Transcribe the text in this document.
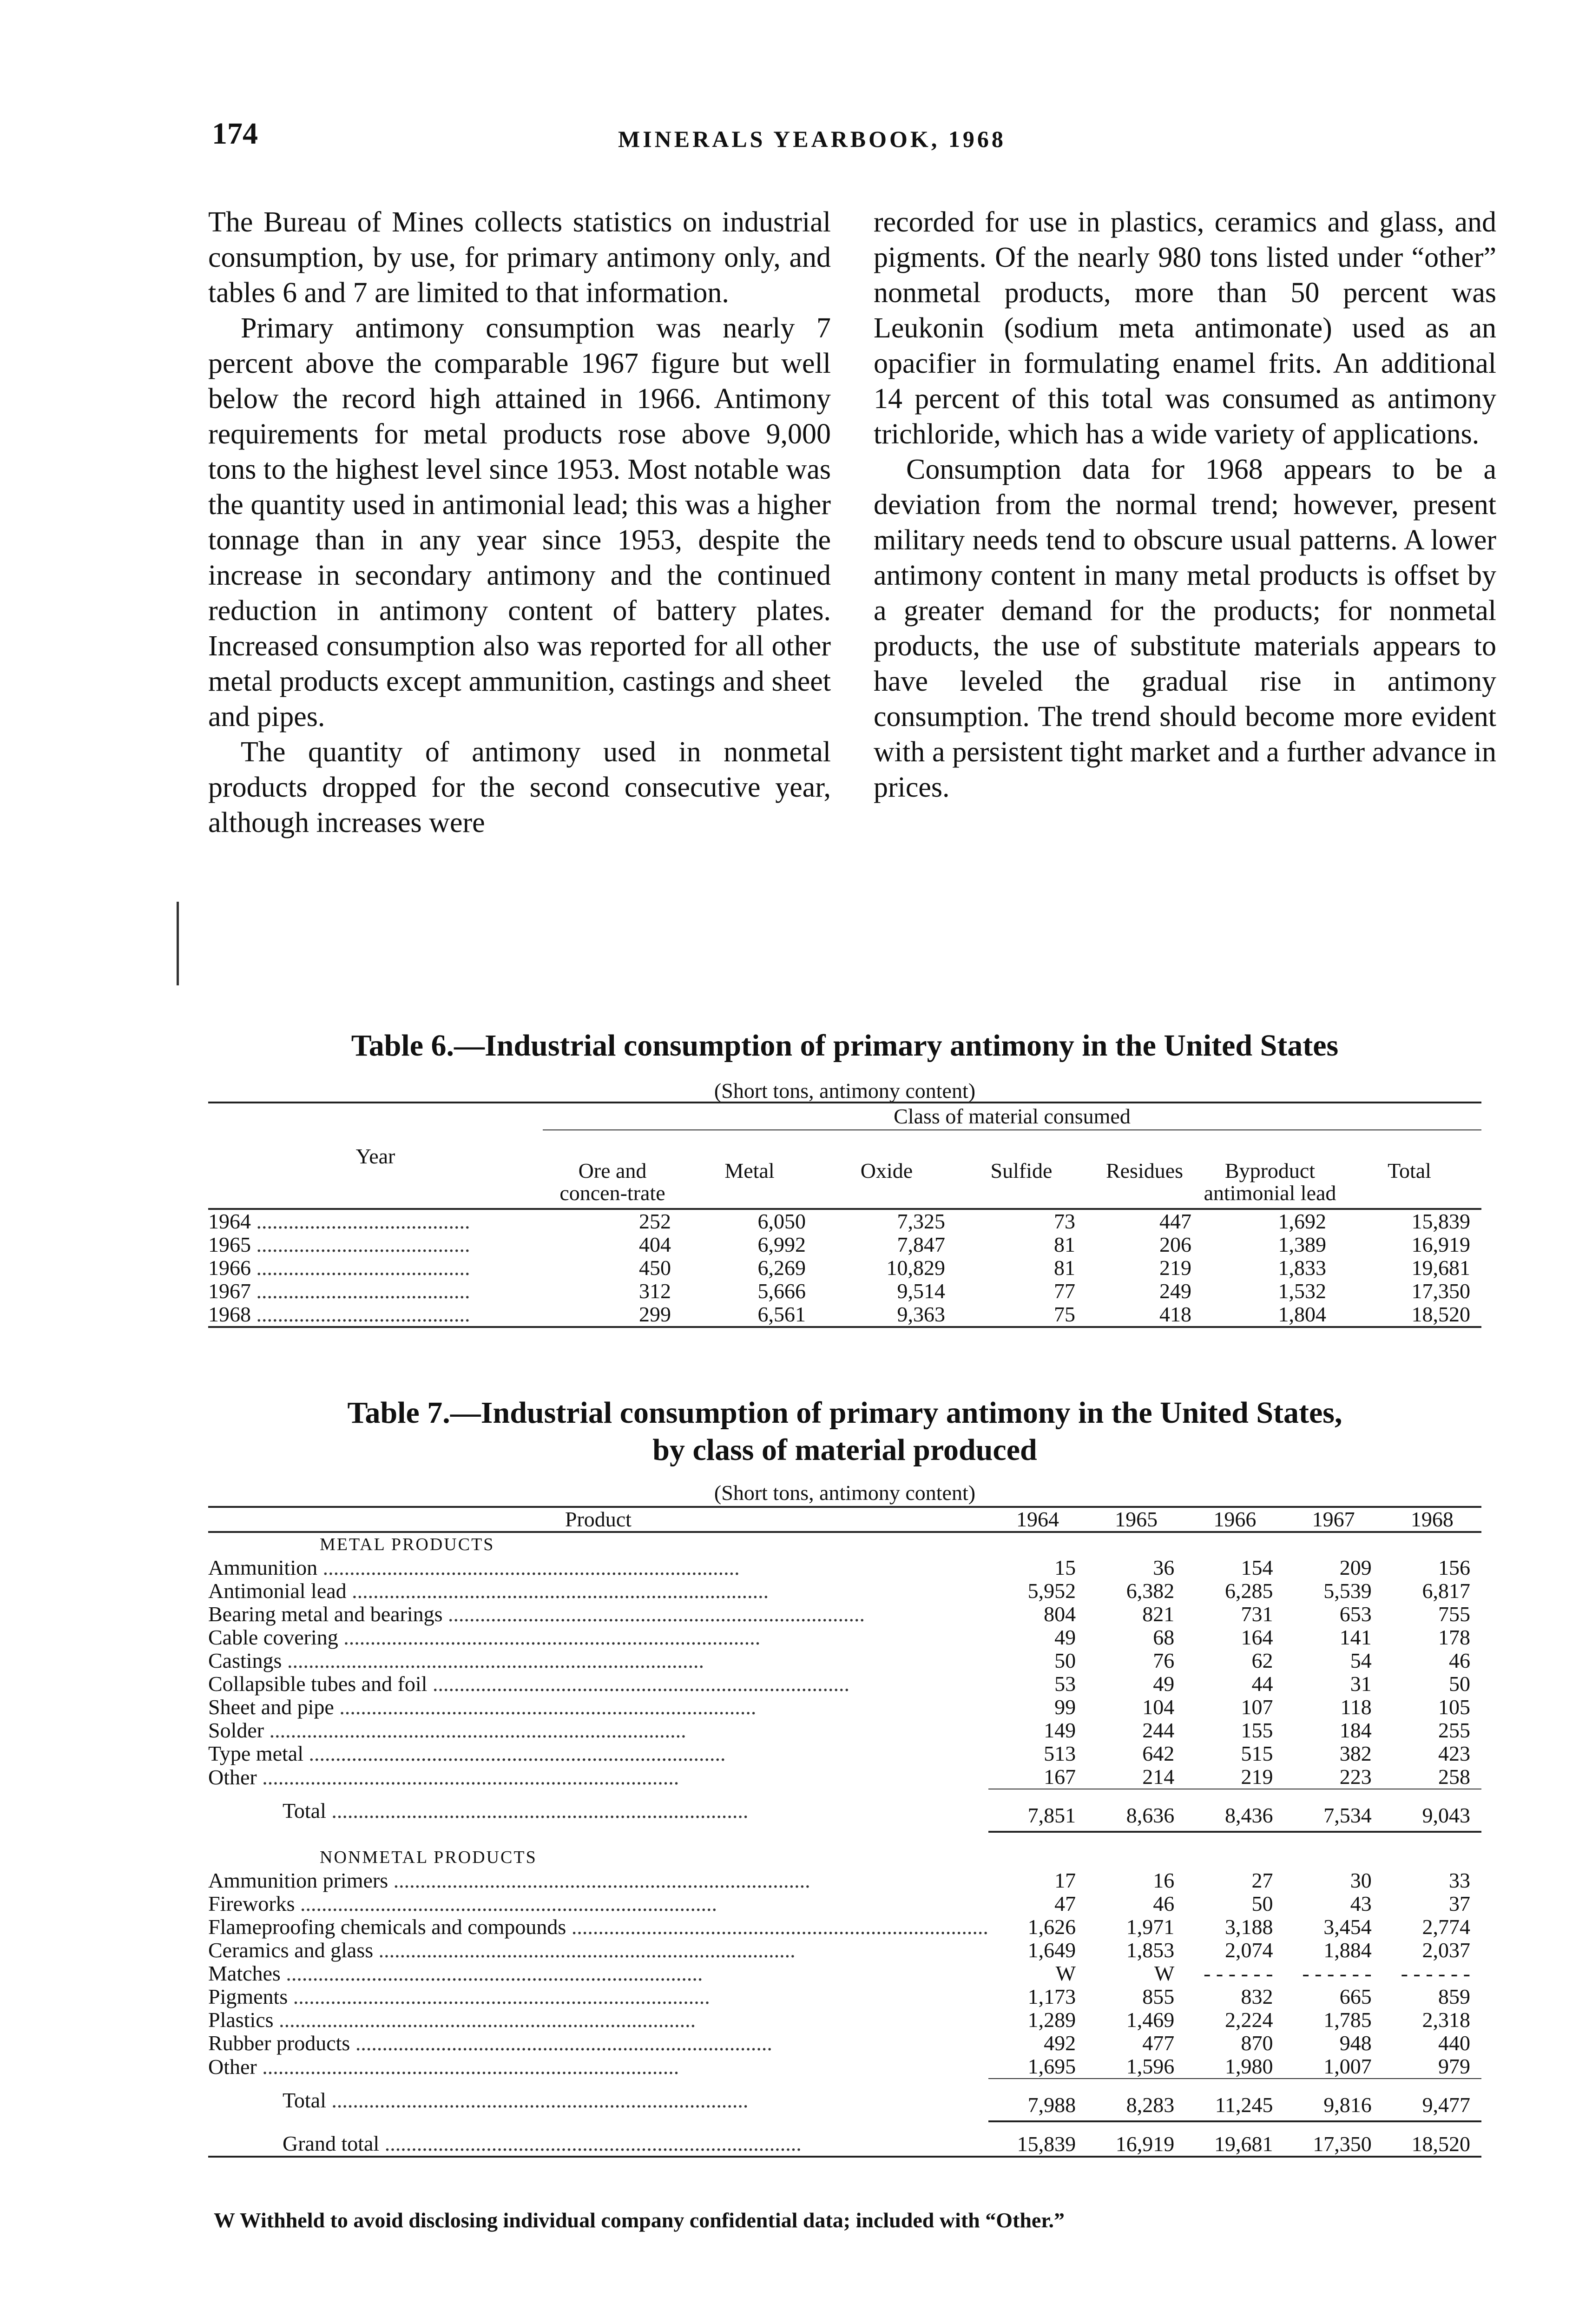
174	MINERALS YEARBOOK, 1968

The Bureau of Mines collects statistics on industrial consumption, by use, for primary antimony only, and tables 6 and 7 are limited to that information.

Primary antimony consumption was nearly 7 percent above the comparable 1967 figure but well below the record high attained in 1966. Antimony requirements for metal products rose above 9,000 tons to the highest level since 1953. Most notable was the quantity used in antimonial lead; this was a higher tonnage than in any year since 1953, despite the increase in secondary antimony and the continued reduction in antimony content of battery plates. Increased consumption also was reported for all other metal products except ammunition, castings and sheet and pipes.

The quantity of antimony used in nonmetal products dropped for the second consecutive year, although increases were

recorded for use in plastics, ceramics and glass, and pigments. Of the nearly 980 tons listed under “other” nonmetal products, more than 50 percent was Leukonin (sodium meta antimonate) used as an opacifier in formulating enamel frits. An additional 14 percent of this total was consumed as antimony trichloride, which has a wide variety of applications.

Consumption data for 1968 appears to be a deviation from the normal trend; however, present military needs tend to obscure usual patterns. A lower antimony content in many metal products is offset by a greater demand for the products; for nonmetal products, the use of substitute materials appears to have leveled the gradual rise in antimony consumption. The trend should become more evident with a persistent tight market and a further advance in prices.

Table 6.—Industrial consumption of primary antimony in the United States
(Short tons, antimony content)
Year	Class of material consumed						
	Ore and concen-trate	Metal	Oxide	Sulfide	Residues	Byproduct antimonial lead	Total
1964 ........................................	252	6,050	7,325	73	447	1,692	15,839
1965 ........................................	404	6,992	7,847	81	206	1,389	16,919
1966 ........................................	450	6,269	10,829	81	219	1,833	19,681
1967 ........................................	312	5,666	9,514	77	249	1,532	17,350
1968 ........................................	299	6,561	9,363	75	418	1,804	18,520
Table 7.—Industrial consumption of primary antimony in the United States,
by class of material produced
(Short tons, antimony content)
Product	1964	1965	1966	1967	1968
METAL PRODUCTS					
Ammunition ..............................................................................	15	36	154	209	156
Antimonial lead ..............................................................................	5,952	6,382	6,285	5,539	6,817
Bearing metal and bearings ..............................................................................	804	821	731	653	755
Cable covering ..............................................................................	49	68	164	141	178
Castings ..............................................................................	50	76	62	54	46
Collapsible tubes and foil ..............................................................................	53	49	44	31	50
Sheet and pipe ..............................................................................	99	104	107	118	105
Solder ..............................................................................	149	244	155	184	255
Type metal ..............................................................................	513	642	515	382	423
Other ..............................................................................	167	214	219	223	258
Total ..............................................................................	7,851	8,636	8,436	7,534	9,043
NONMETAL PRODUCTS					
Ammunition primers ..............................................................................	17	16	27	30	33
Fireworks ..............................................................................	47	46	50	43	37
Flameproofing chemicals and compounds ..............................................................................	1,626	1,971	3,188	3,454	2,774
Ceramics and glass ..............................................................................	1,649	1,853	2,074	1,884	2,037
Matches ..............................................................................	W	W	- - - - - -	- - - - - -	- - - - - -
Pigments ..............................................................................	1,173	855	832	665	859
Plastics ..............................................................................	1,289	1,469	2,224	1,785	2,318
Rubber products ..............................................................................	492	477	870	948	440
Other ..............................................................................	1,695	1,596	1,980	1,007	979
Total ..............................................................................	7,988	8,283	11,245	9,816	9,477
Grand total ..............................................................................	15,839	16,919	19,681	17,350	18,520
W Withheld to avoid disclosing individual company confidential data; included with “Other.”
